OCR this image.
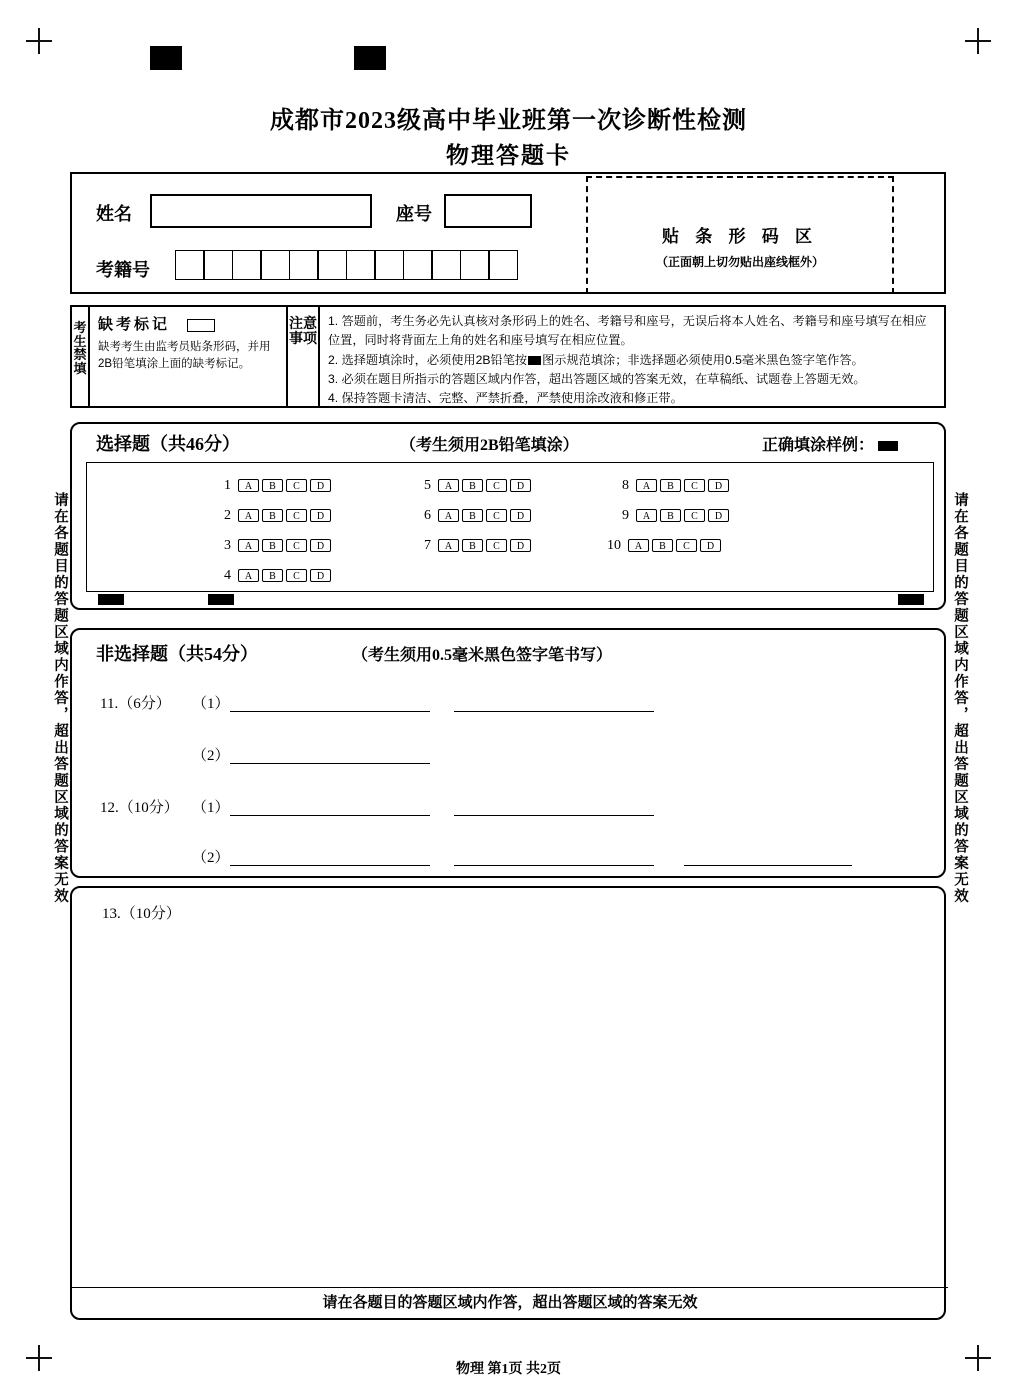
成都市2023级高中毕业班第一次诊断性检测
物理答题卡
姓名	座号
考籍号
贴 条 形 码 区
（正面朝上切勿贴出座线框外）
考生禁填
缺考标记
缺考考生由监考员贴条形码，并用2B铅笔填涂上面的缺考标记。
注意事项
1. 答题前，考生务必先认真核对条形码上的姓名、考籍号和座号，无误后将本人姓名、考籍号和座号填写在相应位置，同时将背面左上角的姓名和座号填写在相应位置。
2. 选择题填涂时，必须使用2B铅笔按 图示规范填涂；非选择题必须使用0.5毫米黑色签字笔作答。
3. 必须在题目所指示的答题区域内作答，超出答题区域的答案无效，在草稿纸、试题卷上答题无效。
4. 保持答题卡清洁、完整、严禁折叠，严禁使用涂改液和修正带。
请在各题目的答题区域内作答，超出答题区域的答案无效	请在各题目的答题区域内作答，超出答题区域的答案无效
选择题（共46分）	（考生须用2B铅笔填涂）	正确填涂样例：
1	A	B	C	D
2	A	B	C	D
3	A	B	C	D
4	A	B	C	D
5	A	B	C	D
6	A	B	C	D
7	A	B	C	D
8	A	B	C	D
9	A	B	C	D
10	A	B	C	D
非选择题（共54分）	（考生须用0.5毫米黑色签字笔书写）
11.（6分） （1）
（2）
12.（10分） （1）
（2）
13.（10分）
请在各题目的答题区域内作答，超出答题区域的答案无效
物理 第1页 共2页
